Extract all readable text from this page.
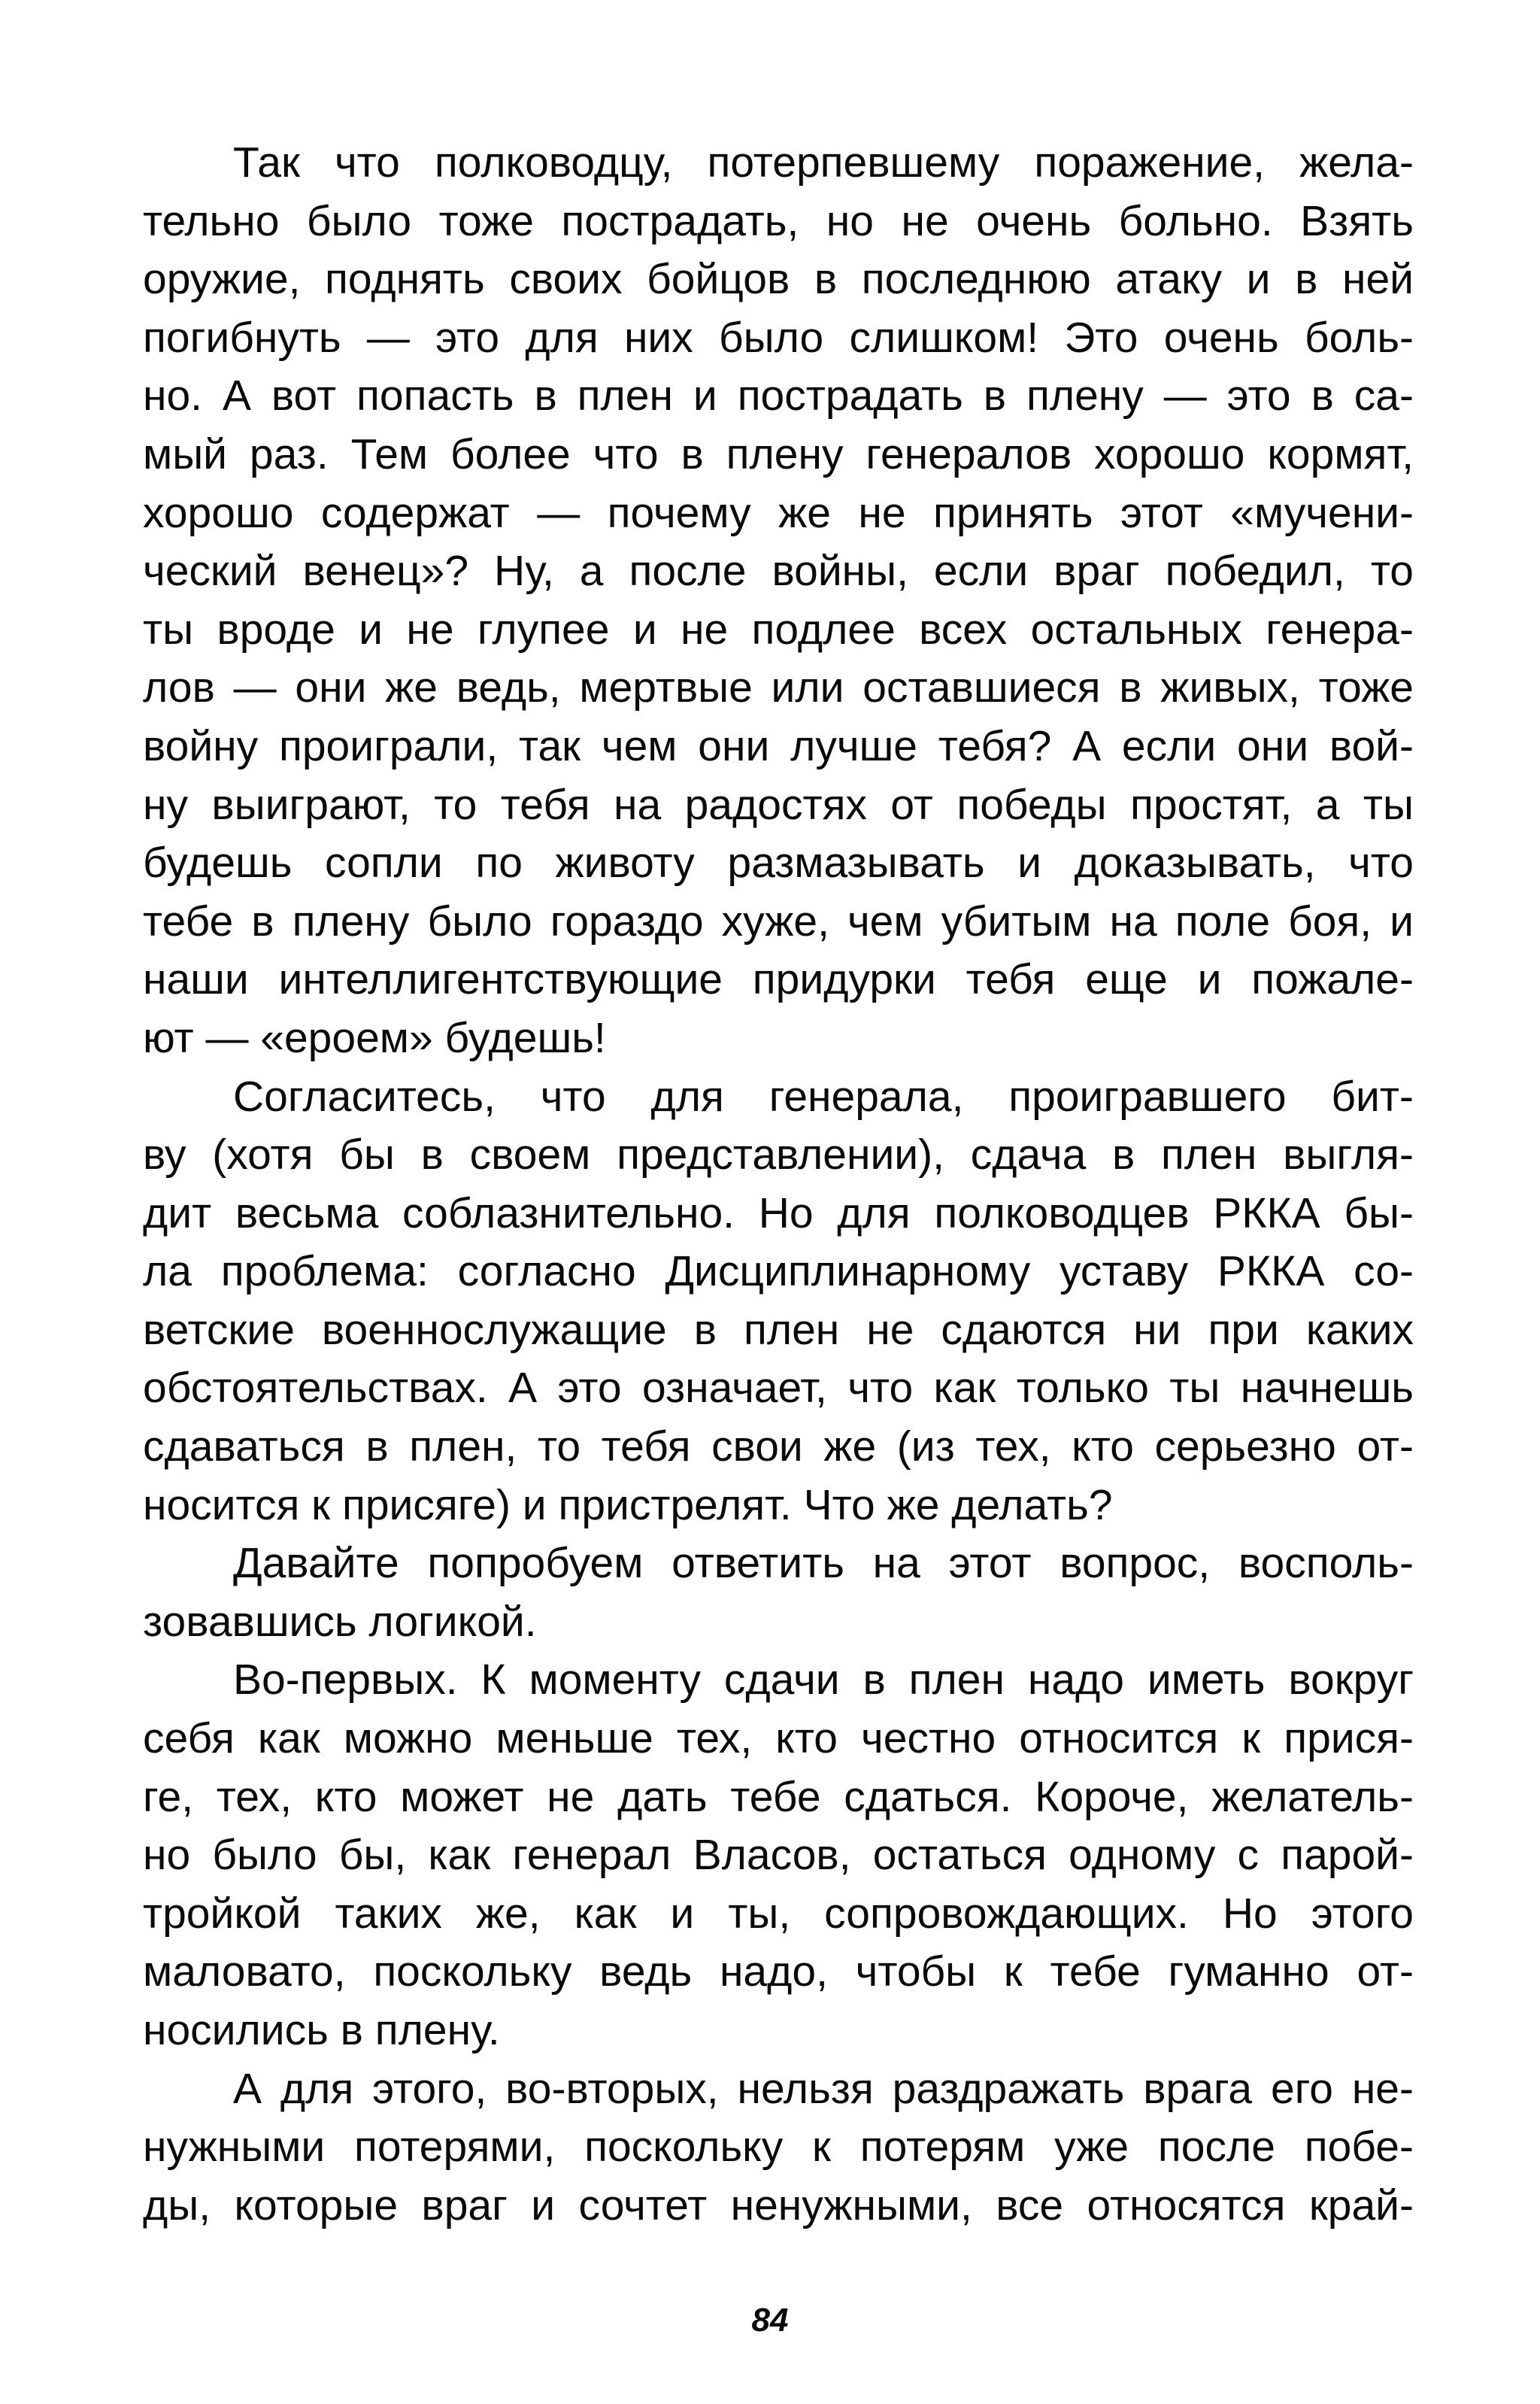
Так что полководцу, потерпевшему поражение, жела-
тельно было тоже пострадать, но не очень больно. Взять
оружие, поднять своих бойцов в последнюю атаку и в ней
погибнуть — это для них было слишком! Это очень боль-
но. А вот попасть в плен и пострадать в плену — это в са-
мый раз. Тем более что в плену генералов хорошо кормят,
хорошо содержат — почему же не принять этот «мучени-
ческий венец»? Ну, а после войны, если враг победил, то
ты вроде и не глупее и не подлее всех остальных генера-
лов — они же ведь, мертвые или оставшиеся в живых, тоже
войну проиграли, так чем они лучше тебя? А если они вой-
ну выиграют, то тебя на радостях от победы простят, а ты
будешь сопли по животу размазывать и доказывать, что
тебе в плену было гораздо хуже, чем убитым на поле боя, и
наши интеллигентствующие придурки тебя еще и пожале-
ют — «ероем» будешь!
Согласитесь, что для генерала, проигравшего бит-
ву (хотя бы в своем представлении), сдача в плен выгля-
дит весьма соблазнительно. Но для полководцев РККА бы-
ла проблема: согласно Дисциплинарному уставу РККА со-
ветские военнослужащие в плен не сдаются ни при каких
обстоятельствах. А это означает, что как только ты начнешь
сдаваться в плен, то тебя свои же (из тех, кто серьезно от-
носится к присяге) и пристрелят. Что же делать?
Давайте попробуем ответить на этот вопрос, восполь-
зовавшись логикой.
Во-первых. К моменту сдачи в плен надо иметь вокруг
себя как можно меньше тех, кто честно относится к прися-
ге, тех, кто может не дать тебе сдаться. Короче, желатель-
но было бы, как генерал Власов, остаться одному с парой-
тройкой таких же, как и ты, сопровождающих. Но этого
маловато, поскольку ведь надо, чтобы к тебе гуманно от-
носились в плену.
А для этого, во-вторых, нельзя раздражать врага его не-
нужными потерями, поскольку к потерям уже после побе-
ды, которые враг и сочтет ненужными, все относятся край-
84
